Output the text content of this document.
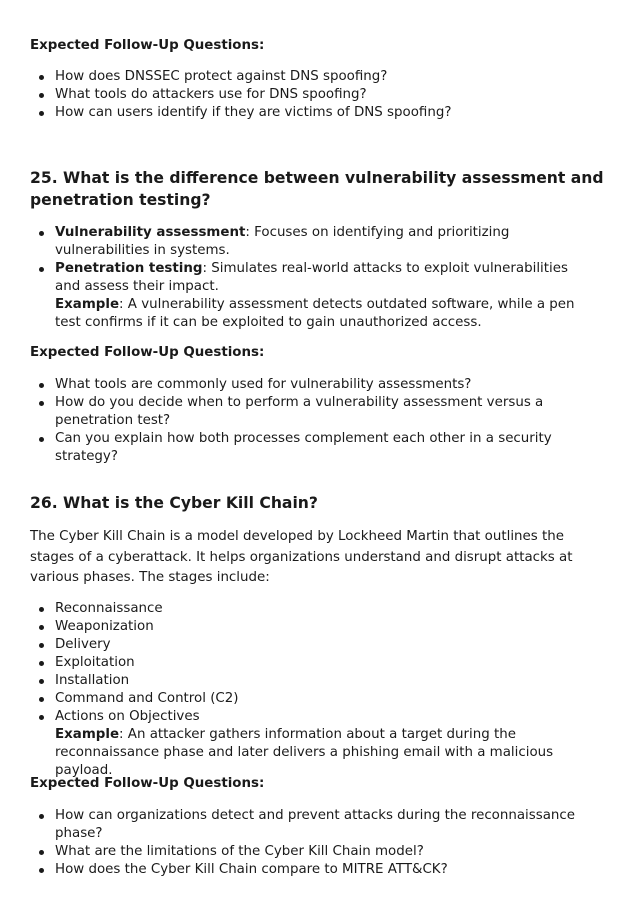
Expected Follow-Up Questions:
How does DNSSEC protect against DNS spoofing?
What tools do attackers use for DNS spoofing?
How can users identify if they are victims of DNS spoofing?
25. What is the difference between vulnerability assessment and penetration testing?
Vulnerability assessment: Focuses on identifying and prioritizing vulnerabilities in systems.
Penetration testing: Simulates real-world attacks to exploit vulnerabilities and assess their impact.
Example: A vulnerability assessment detects outdated software, while a pen test confirms if it can be exploited to gain unauthorized access.
Expected Follow-Up Questions:
What tools are commonly used for vulnerability assessments?
How do you decide when to perform a vulnerability assessment versus a penetration test?
Can you explain how both processes complement each other in a security strategy?
26. What is the Cyber Kill Chain?

The Cyber Kill Chain is a model developed by Lockheed Martin that outlines the stages of a cyberattack. It helps organizations understand and disrupt attacks at various phases. The stages include:

Reconnaissance
Weaponization
Delivery
Exploitation
Installation
Command and Control (C2)
Actions on Objectives
Example: An attacker gathers information about a target during the reconnaissance phase and later delivers a phishing email with a malicious payload.
Expected Follow-Up Questions:
How can organizations detect and prevent attacks during the reconnaissance phase?
What are the limitations of the Cyber Kill Chain model?
How does the Cyber Kill Chain compare to MITRE ATT&CK?
